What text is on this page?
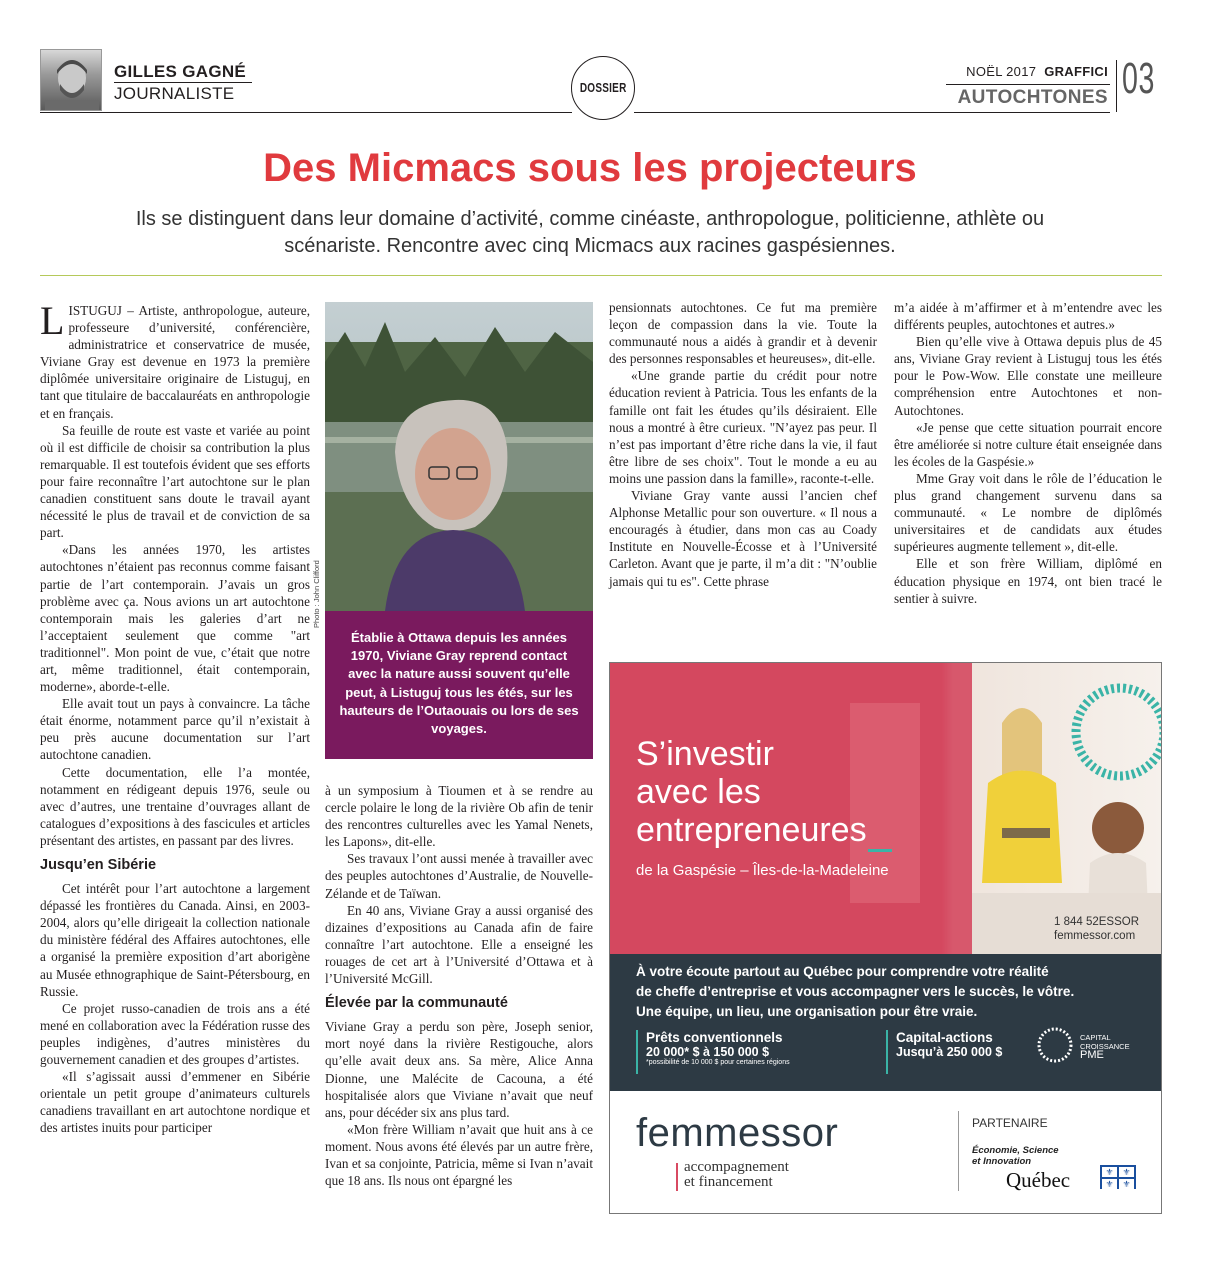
GILLES GAGNÉ
JOURNALISTE	DOSSIER
NOËL 2017 GRAFFICI
AUTOCHTONES 03
Des Micmacs sous les projecteurs
Ils se distinguent dans leur domaine d’activité, comme cinéaste, anthropologue, politicienne, athlète ou scénariste. Rencontre avec cinq Micmacs aux racines gaspésiennes.

LISTUGUJ – Artiste, anthropologue, auteure, professeure d’université, conférencière, administratrice et conservatrice de musée, Viviane Gray est devenue en 1973 la première diplômée universitaire originaire de Listuguj, en tant que titulaire de baccalauréats en anthropologie et en français.

Sa feuille de route est vaste et variée au point où il est difficile de choisir sa contribution la plus remarquable. Il est toutefois évident que ses efforts pour faire reconnaître l’art autochtone sur le plan canadien constituent sans doute le travail ayant nécessité le plus de travail et de conviction de sa part.

«Dans les années 1970, les artistes autochtones n’étaient pas reconnus comme faisant partie de l’art contemporain. J’avais un gros problème avec ça. Nous avions un art autochtone contemporain mais les galeries d’art ne l’acceptaient seulement que comme "art traditionnel". Mon point de vue, c’était que notre art, même traditionnel, était contemporain, moderne», aborde-t-elle.

Elle avait tout un pays à convaincre. La tâche était énorme, notamment parce qu’il n’existait à peu près aucune documentation sur l’art autochtone canadien.

Cette documentation, elle l’a montée, notamment en rédigeant depuis 1976, seule ou avec d’autres, une trentaine d’ouvrages allant de catalogues d’expositions à des fascicules et articles présentant des artistes, en passant par des livres.

Jusqu’en Sibérie

Cet intérêt pour l’art autochtone a largement dépassé les frontières du Canada. Ainsi, en 2003-2004, alors qu’elle dirigeait la collection nationale du ministère fédéral des Affaires autochtones, elle a organisé la première exposition d’art aborigène au Musée ethnographique de Saint-Pétersbourg, en Russie.

Ce projet russo-canadien de trois ans a été mené en collaboration avec la Fédération russe des peuples indigènes, d’autres ministères du gouvernement canadien et des groupes d’artistes.

«Il s’agissait aussi d’emmener en Sibérie orientale un petit groupe d’animateurs culturels canadiens travaillant en art autochtone nordique et des artistes inuits pour participer

Photo : John Clifford
Établie à Ottawa depuis les années 1970, Viviane Gray reprend contact avec la nature aussi souvent qu’elle peut, à Listuguj tous les étés, sur les hauteurs de l’Outaouais ou lors de ses voyages.

à un symposium à Tioumen et à se rendre au cercle polaire le long de la rivière Ob afin de tenir des rencontres culturelles avec les Yamal Nenets, les Lapons», dit-elle.

Ses travaux l’ont aussi menée à travailler avec des peuples autochtones d’Australie, de Nouvelle-Zélande et de Taïwan.

En 40 ans, Viviane Gray a aussi organisé des dizaines d’expositions au Canada afin de faire connaître l’art autochtone. Elle a enseigné les rouages de cet art à l’Université d’Ottawa et à l’Université McGill.

Élevée par la communauté

Viviane Gray a perdu son père, Joseph senior, mort noyé dans la rivière Restigouche, alors qu’elle avait deux ans. Sa mère, Alice Anna Dionne, une Malécite de Cacouna, a été hospitalisée alors que Viviane n’avait que neuf ans, pour décéder six ans plus tard.

«Mon frère William n’avait que huit ans à ce moment. Nous avons été élevés par un autre frère, Ivan et sa conjointe, Patricia, même si Ivan n’avait que 18 ans. Ils nous ont épargné les

pensionnats autochtones. Ce fut ma première leçon de compassion dans la vie. Toute la communauté nous a aidés à grandir et à devenir des personnes responsables et heureuses», dit-elle.

«Une grande partie du crédit pour notre éducation revient à Patricia. Tous les enfants de la famille ont fait les études qu’ils désiraient. Elle nous a montré à être curieux. "N’ayez pas peur. Il n’est pas important d’être riche dans la vie, il faut être libre de ses choix". Tout le monde a eu au moins une passion dans la famille», raconte-t-elle.

Viviane Gray vante aussi l’ancien chef Alphonse Metallic pour son ouverture. « Il nous a encouragés à étudier, dans mon cas au Coady Institute en Nouvelle-Écosse et à l’Université Carleton. Avant que je parte, il m’a dit : "N’oublie jamais qui tu es". Cette phrase

m’a aidée à m’affirmer et à m’entendre avec les différents peuples, autochtones et autres.»

Bien qu’elle vive à Ottawa depuis plus de 45 ans, Viviane Gray revient à Listuguj tous les étés pour le Pow-Wow. Elle constate une meilleure compréhension entre Autochtones et non-Autochtones.

«Je pense que cette situation pourrait encore être améliorée si notre culture était enseignée dans les écoles de la Gaspésie.»

Mme Gray voit dans le rôle de l’éducation le plus grand changement survenu dans sa communauté. « Le nombre de diplômés universitaires et de candidats aux études supérieures augmente tellement », dit-elle.

Elle et son frère William, diplômé en éducation physique en 1974, ont bien tracé le sentier à suivre.

S’investir
avec les
entrepreneures
de la Gaspésie – Îles-de-la-Madeleine
1 844 52ESSOR
femmessor.com
À votre écoute partout au Québec pour comprendre votre réalité
de cheffe d’entreprise et vous accompagner vers le succès, le vôtre.
Une équipe, un lieu, une organisation pour être vraie.
Prêts conventionnels
20 000* $ à 150 000 $
*possibilité de 10 000 $ pour certaines régions
Capital-actions
Jusqu’à 250 000 $
CAPITAL
CROISSANCE
PME
femmessor
accompagnement
et financement
PARTENAIRE
Économie, Science
et Innovation
Québec	⚜ ⚜
⚜ ⚜
